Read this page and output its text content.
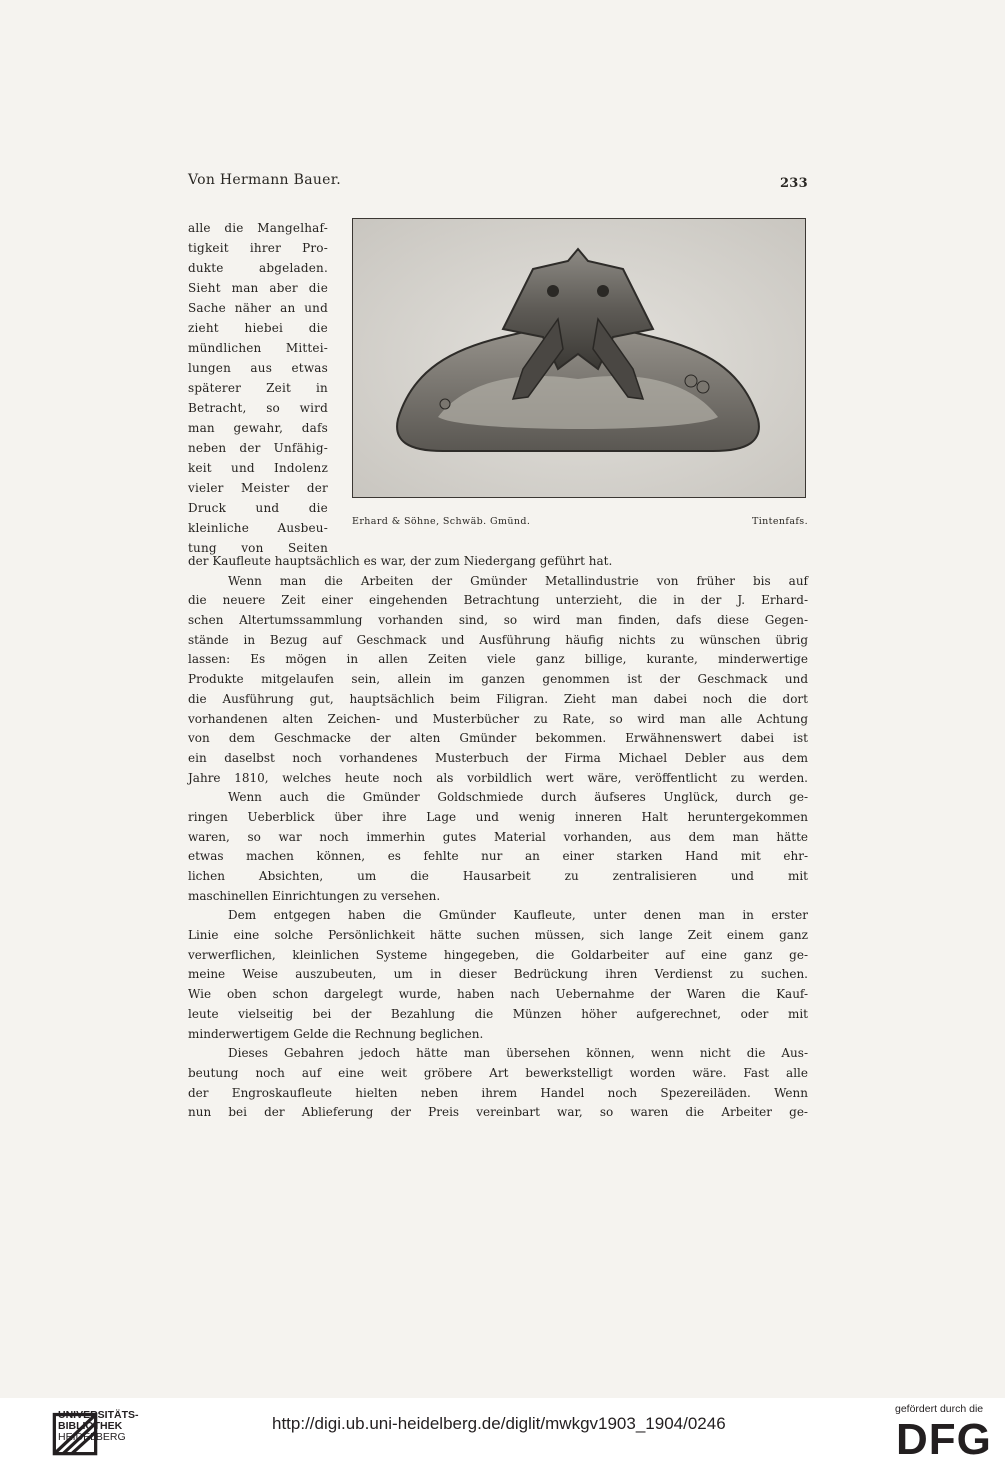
Von Hermann Bauer.	233
alle die Mangelhaf-
tigkeit ihrer Pro-
dukte abgeladen.
Sieht man aber die
Sache näher an und
zieht hiebei die
mündlichen Mittei-
lungen aus etwas
späterer Zeit in
Betracht, so wird
man gewahr, dafs
neben der Unfähig-
keit und Indolenz
vieler Meister der
Druck und die
kleinliche Ausbeu-
tung von Seiten
Erhard & Söhne, Schwäb. Gmünd.	Tintenfafs.
der Kaufleute hauptsächlich es war, der zum Niedergang geführt hat.
Wenn man die Arbeiten der Gmünder Metallindustrie von früher bis auf
die neuere Zeit einer eingehenden Betrachtung unterzieht, die in der J. Erhard-
schen Altertumssammlung vorhanden sind, so wird man finden, dafs diese Gegen-
stände in Bezug auf Geschmack und Ausführung häufig nichts zu wünschen übrig
lassen: Es mögen in allen Zeiten viele ganz billige, kurante, minderwertige
Produkte mitgelaufen sein, allein im ganzen genommen ist der Geschmack und
die Ausführung gut, hauptsächlich beim Filigran. Zieht man dabei noch die dort
vorhandenen alten Zeichen- und Musterbücher zu Rate, so wird man alle Achtung
von dem Geschmacke der alten Gmünder bekommen. Erwähnenswert dabei ist
ein daselbst noch vorhandenes Musterbuch der Firma Michael Debler aus dem
Jahre 1810, welches heute noch als vorbildlich wert wäre, veröffentlicht zu werden.
Wenn auch die Gmünder Goldschmiede durch äufseres Unglück, durch ge-
ringen Ueberblick über ihre Lage und wenig inneren Halt heruntergekommen
waren, so war noch immerhin gutes Material vorhanden, aus dem man hätte
etwas machen können, es fehlte nur an einer starken Hand mit ehr-
lichen Absichten, um die Hausarbeit zu zentralisieren und mit
maschinellen Einrichtungen zu versehen.
Dem entgegen haben die Gmünder Kaufleute, unter denen man in erster
Linie eine solche Persönlichkeit hätte suchen müssen, sich lange Zeit einem ganz
verwerflichen, kleinlichen Systeme hingegeben, die Goldarbeiter auf eine ganz ge-
meine Weise auszubeuten, um in dieser Bedrückung ihren Verdienst zu suchen.
Wie oben schon dargelegt wurde, haben nach Uebernahme der Waren die Kauf-
leute vielseitig bei der Bezahlung die Münzen höher aufgerechnet, oder mit
minderwertigem Gelde die Rechnung beglichen.
Dieses Gebahren jedoch hätte man übersehen können, wenn nicht die Aus-
beutung noch auf eine weit gröbere Art bewerkstelligt worden wäre. Fast alle
der Engroskaufleute hielten neben ihrem Handel noch Spezereiläden. Wenn
nun bei der Ablieferung der Preis vereinbart war, so waren die Arbeiter ge-
UNIVERSITÄTS-
BIBLIOTHEK
HEIDELBERG
http://digi.ub.uni-heidelberg.de/diglit/mwkgv1903_1904/0246
gefördert durch die
DFG
